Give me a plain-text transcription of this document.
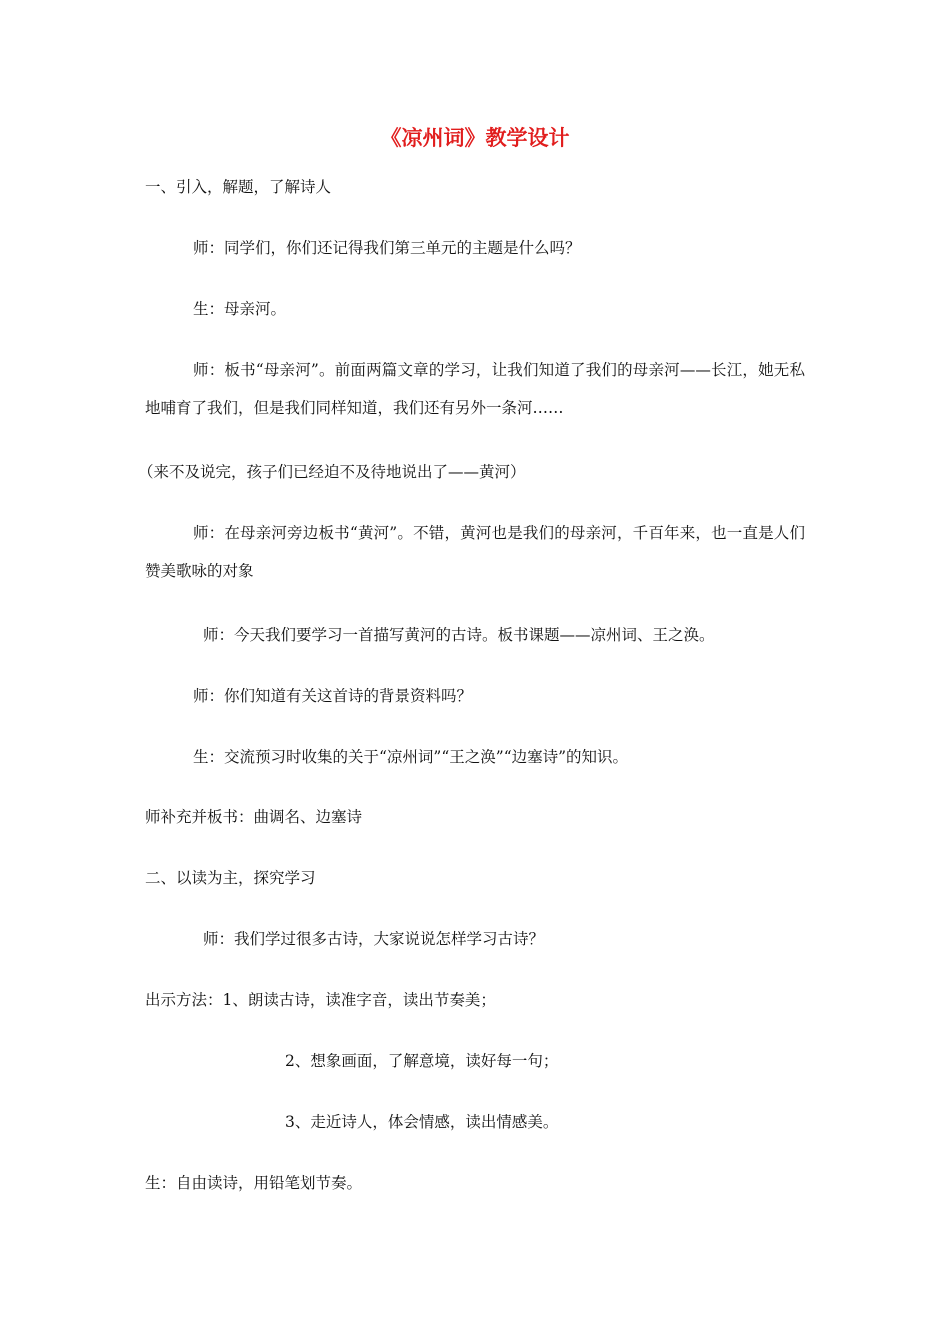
《凉州词》教学设计
一、引入，解题，了解诗人
师：同学们，你们还记得我们第三单元的主题是什么吗？
生：母亲河。
师：板书“母亲河”。前面两篇文章的学习，让我们知道了我们的母亲河——长江，她无私地哺育了我们，但是我们同样知道，我们还有另外一条河……
（来不及说完，孩子们已经迫不及待地说出了——黄河）
师：在母亲河旁边板书“黄河”。不错，黄河也是我们的母亲河，千百年来，也一直是人们赞美歌咏的对象
师：今天我们要学习一首描写黄河的古诗。板书课题——凉州词、王之涣。
师：你们知道有关这首诗的背景资料吗？
生：交流预习时收集的关于“凉州词”“王之涣”“边塞诗”的知识。
师补充并板书：曲调名、边塞诗
二、以读为主，探究学习
师：我们学过很多古诗，大家说说怎样学习古诗？
出示方法：1、朗读古诗，读准字音，读出节奏美；
2、想象画面，了解意境，读好每一句；
3、走近诗人，体会情感，读出情感美。
生：自由读诗，用铅笔划节奏。
